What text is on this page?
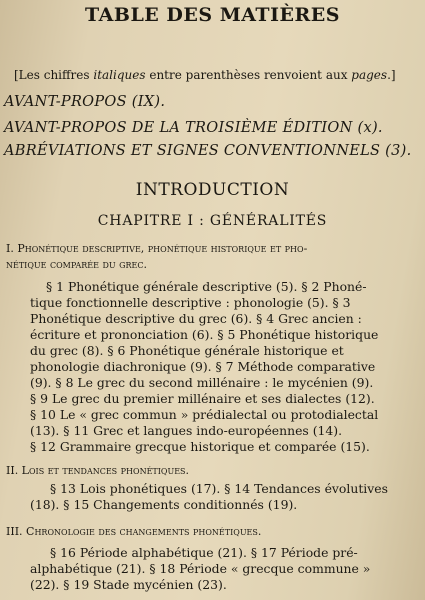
TABLE DES MATIÈRES
[Les chiffres italiques entre parenthèses renvoient aux pages.]
AVANT-PROPOS (IX).
AVANT-PROPOS DE LA TROISIÈME ÉDITION (x).
ABRÉVIATIONS ET SIGNES CONVENTIONNELS (3).
INTRODUCTION
CHAPITRE I : GÉNÉRALITÉS
I. Phonétique descriptive, phonétique historique et pho-
nétique comparée du grec.
§ 1 Phonétique générale descriptive (5). § 2 Phoné-
tique fonctionnelle descriptive : phonologie (5). § 3
Phonétique descriptive du grec (6). § 4 Grec ancien :
écriture et prononciation (6). § 5 Phonétique historique
du grec (8). § 6 Phonétique générale historique et
phonologie diachronique (9). § 7 Méthode comparative
(9). § 8 Le grec du second millénaire : le mycénien (9).
§ 9 Le grec du premier millénaire et ses dialectes (12).
§ 10 Le « grec commun » prédialectal ou protodialectal
(13). § 11 Grec et langues indo-européennes (14).
§ 12 Grammaire grecque historique et comparée (15).
II. Lois et tendances phonétiques.
§ 13 Lois phonétiques (17). § 14 Tendances évolutives
(18). § 15 Changements conditionnés (19).
III. Chronologie des changements phonétiques.
§ 16 Période alphabétique (21). § 17 Période pré-
alphabétique (21). § 18 Période « grecque commune »
(22). § 19 Stade mycénien (23).
